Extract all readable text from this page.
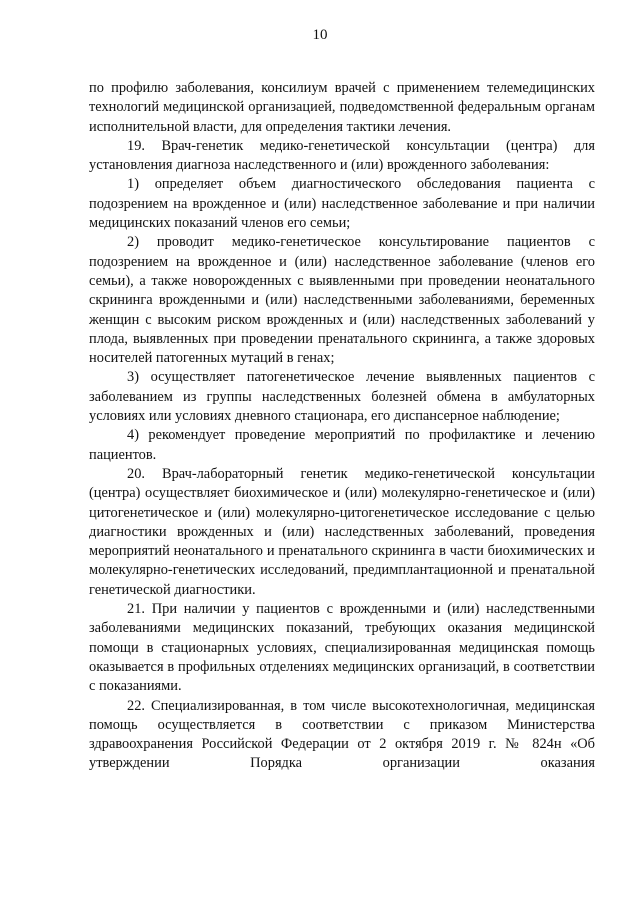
10

по профилю заболевания, консилиум врачей с применением телемедицинских технологий медицинской организацией, подведомственной федеральным органам исполнительной власти, для определения тактики лечения.

19. Врач-генетик медико-генетической консультации (центра) для установления диагноза наследственного и (или) врожденного заболевания:

1) определяет объем диагностического обследования пациента с подозрением на врожденное и (или) наследственное заболевание и при наличии медицинских показаний членов его семьи;

2) проводит медико-генетическое консультирование пациентов с подозрением на врожденное и (или) наследственное заболевание (членов его семьи), а также новорожденных с выявленными при проведении неонатального скрининга врожденными и (или) наследственными заболеваниями, беременных женщин с высоким риском врожденных и (или) наследственных заболеваний у плода, выявленных при проведении пренатального скрининга, а также здоровых носителей патогенных мутаций в генах;

3) осуществляет патогенетическое лечение выявленных пациентов с заболеванием из группы наследственных болезней обмена в амбулаторных условиях или условиях дневного стационара, его диспансерное наблюдение;

4) рекомендует проведение мероприятий по профилактике и лечению пациентов.

20. Врач-лабораторный генетик медико-генетической консультации (центра) осуществляет биохимическое и (или) молекулярно-генетическое и (или) цитогенетическое и (или) молекулярно-цитогенетическое исследование с целью диагностики врожденных и (или) наследственных заболеваний, проведения мероприятий неонатального и пренатального скрининга в части биохимических и молекулярно-генетических исследований, предимплантационной и пренатальной генетической диагностики.

21. При наличии у пациентов с врожденными и (или) наследственными заболеваниями медицинских показаний, требующих оказания медицинской помощи в стационарных условиях, специализированная медицинская помощь оказывается в профильных отделениях медицинских организаций, в соответствии с показаниями.

22. Специализированная, в том числе высокотехнологичная, медицинская помощь осуществляется в соответствии с приказом Министерства здравоохранения Российской Федерации от 2 октября 2019 г. № 824н «Об утверждении Порядка организации оказания
